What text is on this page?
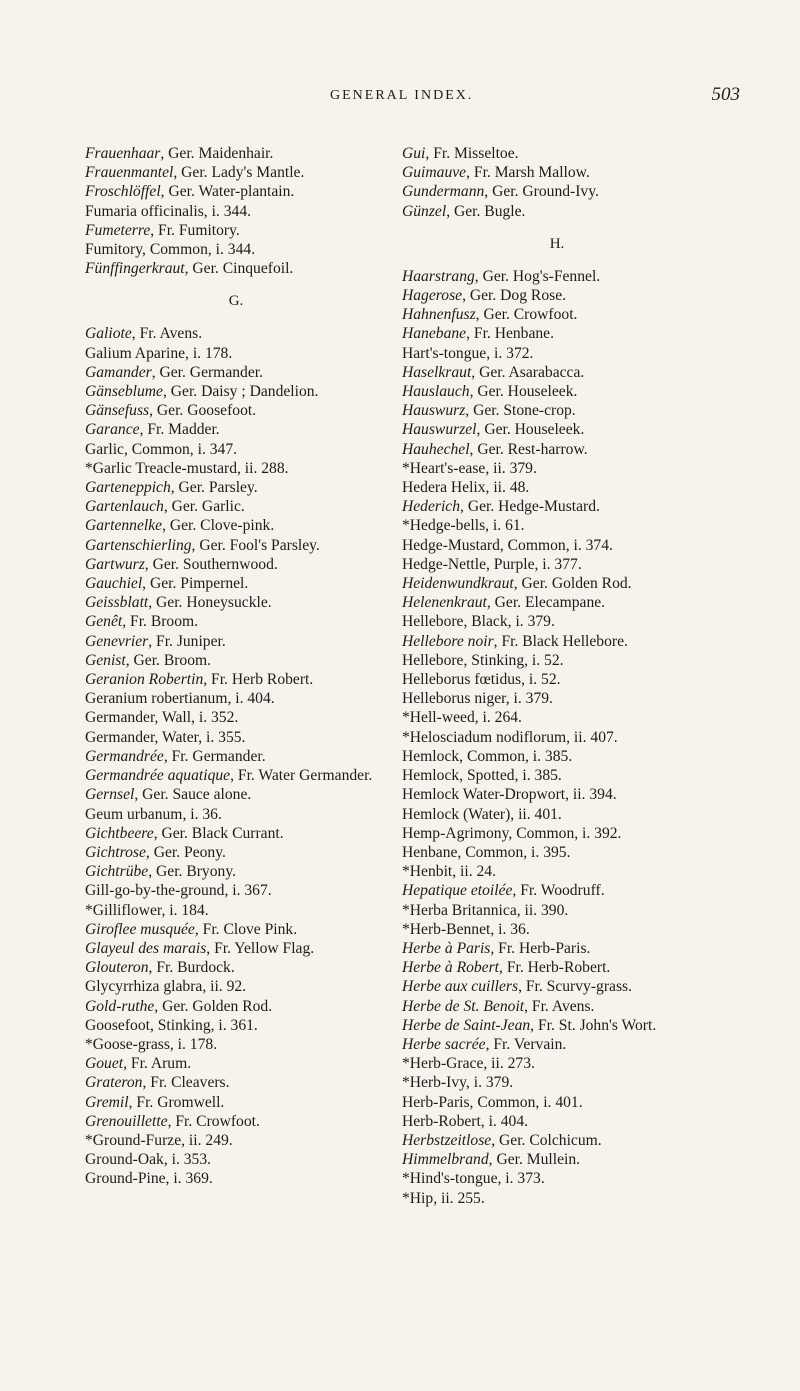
GENERAL INDEX.	503
Frauenhaar, Ger. Maidenhair.
Frauenmantel, Ger. Lady's Mantle.
Froschlöffel, Ger. Water-plantain.
Fumaria officinalis, i. 344.
Fumeterre, Fr. Fumitory.
Fumitory, Common, i. 344.
Fünffingerkraut, Ger. Cinquefoil.
G.
Galiote, Fr. Avens.
Galium Aparine, i. 178.
Gamander, Ger. Germander.
Gänseblume, Ger. Daisy ; Dandelion.
Gänsefuss, Ger. Goosefoot.
Garance, Fr. Madder.
Garlic, Common, i. 347.
*Garlic Treacle-mustard, ii. 288.
Garteneppich, Ger. Parsley.
Gartenlauch, Ger. Garlic.
Gartennelke, Ger. Clove-pink.
Gartenschierling, Ger. Fool's Parsley.
Gartwurz, Ger. Southernwood.
Gauchiel, Ger. Pimpernel.
Geissblatt, Ger. Honeysuckle.
Genêt, Fr. Broom.
Genevrier, Fr. Juniper.
Genist, Ger. Broom.
Geranion Robertin, Fr. Herb Robert.
Geranium robertianum, i. 404.
Germander, Wall, i. 352.
Germander, Water, i. 355.
Germandrée, Fr. Germander.
Germandrée aquatique, Fr. Water Germander.
Gernsel, Ger. Sauce alone.
Geum urbanum, i. 36.
Gichtbeere, Ger. Black Currant.
Gichtrose, Ger. Peony.
Gichtrübe, Ger. Bryony.
Gill-go-by-the-ground, i. 367.
*Gilliflower, i. 184.
Giroflee musquée, Fr. Clove Pink.
Glayeul des marais, Fr. Yellow Flag.
Glouteron, Fr. Burdock.
Glycyrrhiza glabra, ii. 92.
Gold-ruthe, Ger. Golden Rod.
Goosefoot, Stinking, i. 361.
*Goose-grass, i. 178.
Gouet, Fr. Arum.
Grateron, Fr. Cleavers.
Gremil, Fr. Gromwell.
Grenouillette, Fr. Crowfoot.
*Ground-Furze, ii. 249.
Ground-Oak, i. 353.
Ground-Pine, i. 369.
Gui, Fr. Misseltoe.
Guimauve, Fr. Marsh Mallow.
Gundermann, Ger. Ground-Ivy.
Günzel, Ger. Bugle.
H.
Haarstrang, Ger. Hog's-Fennel.
Hagerose, Ger. Dog Rose.
Hahnenfusz, Ger. Crowfoot.
Hanebane, Fr. Henbane.
Hart's-tongue, i. 372.
Haselkraut, Ger. Asarabacca.
Hauslauch, Ger. Houseleek.
Hauswurz, Ger. Stone-crop.
Hauswurzel, Ger. Houseleek.
Hauhechel, Ger. Rest-harrow.
*Heart's-ease, ii. 379.
Hedera Helix, ii. 48.
Hederich, Ger. Hedge-Mustard.
*Hedge-bells, i. 61.
Hedge-Mustard, Common, i. 374.
Hedge-Nettle, Purple, i. 377.
Heidenwundkraut, Ger. Golden Rod.
Helenenkraut, Ger. Elecampane.
Hellebore, Black, i. 379.
Hellebore noir, Fr. Black Hellebore.
Hellebore, Stinking, i. 52.
Helleborus fœtidus, i. 52.
Helleborus niger, i. 379.
*Hell-weed, i. 264.
*Helosciadum nodiflorum, ii. 407.
Hemlock, Common, i. 385.
Hemlock, Spotted, i. 385.
Hemlock Water-Dropwort, ii. 394.
Hemlock (Water), ii. 401.
Hemp-Agrimony, Common, i. 392.
Henbane, Common, i. 395.
*Henbit, ii. 24.
Hepatique etoilée, Fr. Woodruff.
*Herba Britannica, ii. 390.
*Herb-Bennet, i. 36.
Herbe à Paris, Fr. Herb-Paris.
Herbe à Robert, Fr. Herb-Robert.
Herbe aux cuillers, Fr. Scurvy-grass.
Herbe de St. Benoit, Fr. Avens.
Herbe de Saint-Jean, Fr. St. John's Wort.
Herbe sacrée, Fr. Vervain.
*Herb-Grace, ii. 273.
*Herb-Ivy, i. 379.
Herb-Paris, Common, i. 401.
Herb-Robert, i. 404.
Herbstzeitlose, Ger. Colchicum.
Himmelbrand, Ger. Mullein.
*Hind's-tongue, i. 373.
*Hip, ii. 255.
